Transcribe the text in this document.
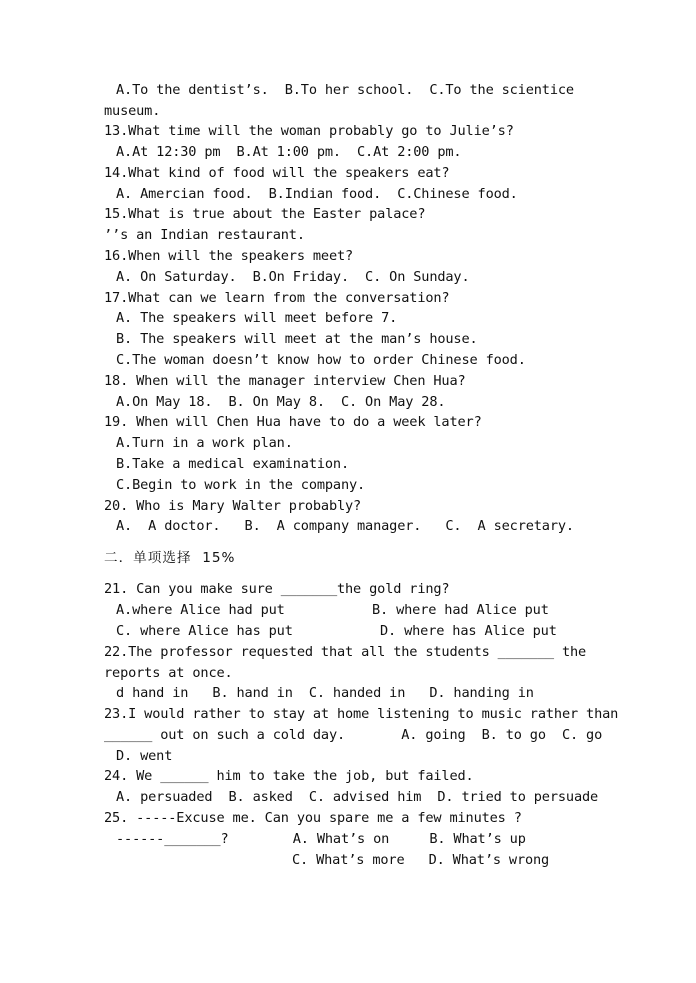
A.To the dentist’s.  B.To her school.  C.To the scientice
museum.
13.What time will the woman probably go to Julie’s?
A.At 12:30 pm  B.At 1:00 pm.  C.At 2:00 pm.
14.What kind of food will the speakers eat?
A. Amercian food.  B.Indian food.  C.Chinese food.
15.What is true about the Easter palace?
’’s an Indian restaurant.
16.When will the speakers meet?
A. On Saturday.  B.On Friday.  C. On Sunday.
17.What can we learn from the conversation?
A. The speakers will meet before 7.
B. The speakers will meet at the man’s house.
C.The woman doesn’t know how to order Chinese food.
18. When will the manager interview Chen Hua?
A.On May 18.  B. On May 8.  C. On May 28.
19. When will Chen Hua have to do a week later?
A.Turn in a work plan.
B.Take a medical examination.
C.Begin to work in the company.
20. Who is Mary Walter probably?
A.  A doctor.   B.  A company manager.   C.  A secretary.
二．单项选择  15%
21. Can you make sure _______the gold ring?
A.where Alice had put	B. where had Alice put
C. where Alice has put	D. where has Alice put
22.The professor requested that all the students _______ the
reports at once.
d hand in   B. hand in  C. handed in   D. handing in
23.I would rather to stay at home listening to music rather than
______ out on such a cold day.       A. going  B. to go  C. go
D. went
24. We ______ him to take the job, but failed.
A. persuaded  B. asked  C. advised him  D. tried to persuade
25. -----Excuse me. Can you spare me a few minutes ?
------_______?        A. What’s on     B. What’s up
C. What’s more   D. What’s wrong
